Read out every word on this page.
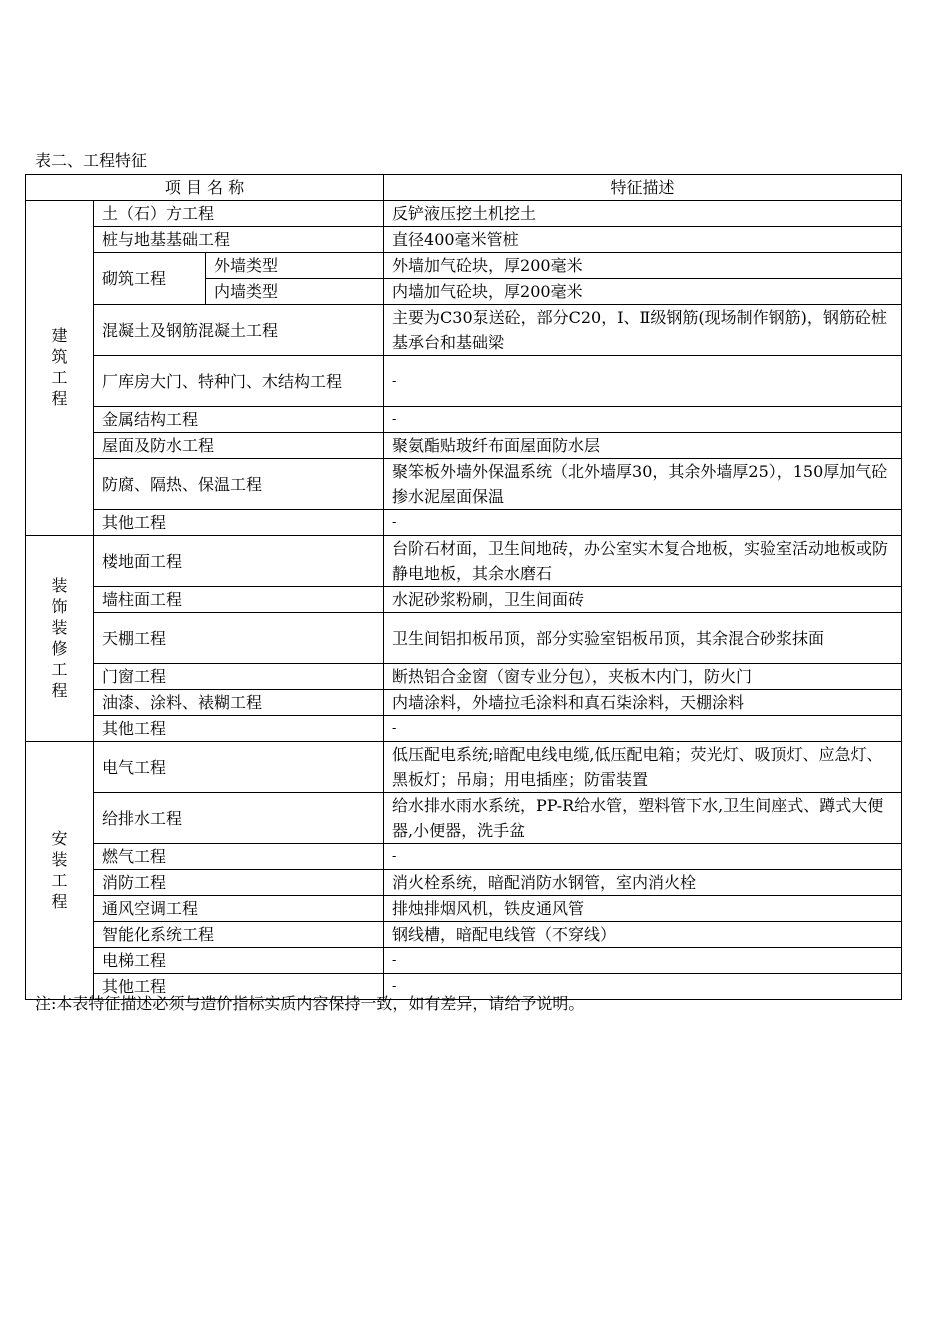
表二、工程特征
项 目 名 称			特征描述
建筑工程	土（石）方工程		反铲液压挖土机挖土
	桩与地基基础工程		直径400毫米管桩
	砌筑工程	外墙类型	外墙加气砼块，厚200毫米
		内墙类型	内墙加气砼块，厚200毫米
	混凝土及钢筋混凝土工程		主要为C30泵送砼，部分C20，Ⅰ、Ⅱ级钢筋(现场制作钢筋)，钢筋砼桩基承台和基础梁
	厂库房大门、特种门、木结构工程		-
	金属结构工程		-
	屋面及防水工程		聚氨酯贴玻纤布面屋面防水层
	防腐、隔热、保温工程		聚笨板外墙外保温系统（北外墙厚30，其余外墙厚25），150厚加气砼掺水泥屋面保温
	其他工程		-
装饰装修工程	楼地面工程		台阶石材面，卫生间地砖，办公室实木复合地板，实验室活动地板或防静电地板，其余水磨石
	墙柱面工程		水泥砂浆粉刷，卫生间面砖
	天棚工程		卫生间铝扣板吊顶，部分实验室铝板吊顶，其余混合砂浆抹面
	门窗工程		断热铝合金窗（窗专业分包），夹板木内门，防火门
	油漆、涂料、裱糊工程		内墙涂料，外墙拉毛涂料和真石柒涂料，天棚涂料
	其他工程		-
安装工程	电气工程		低压配电系统;暗配电线电缆,低压配电箱；荧光灯、吸顶灯、应急灯、黑板灯；吊扇；用电插座；防雷装置
	给排水工程		给水排水雨水系统，PP-R给水管，塑料管下水,卫生间座式、蹲式大便器,小便器，洗手盆
	燃气工程		-
	消防工程		消火栓系统，暗配消防水钢管，室内消火栓
	通风空调工程		排烛排烟风机，铁皮通风管
	智能化系统工程		钢线槽，暗配电线管（不穿线）
	电梯工程		-
	其他工程		-
注:本表特征描述必须与造价指标实质内容保持一致，如有差异，请给予说明。
